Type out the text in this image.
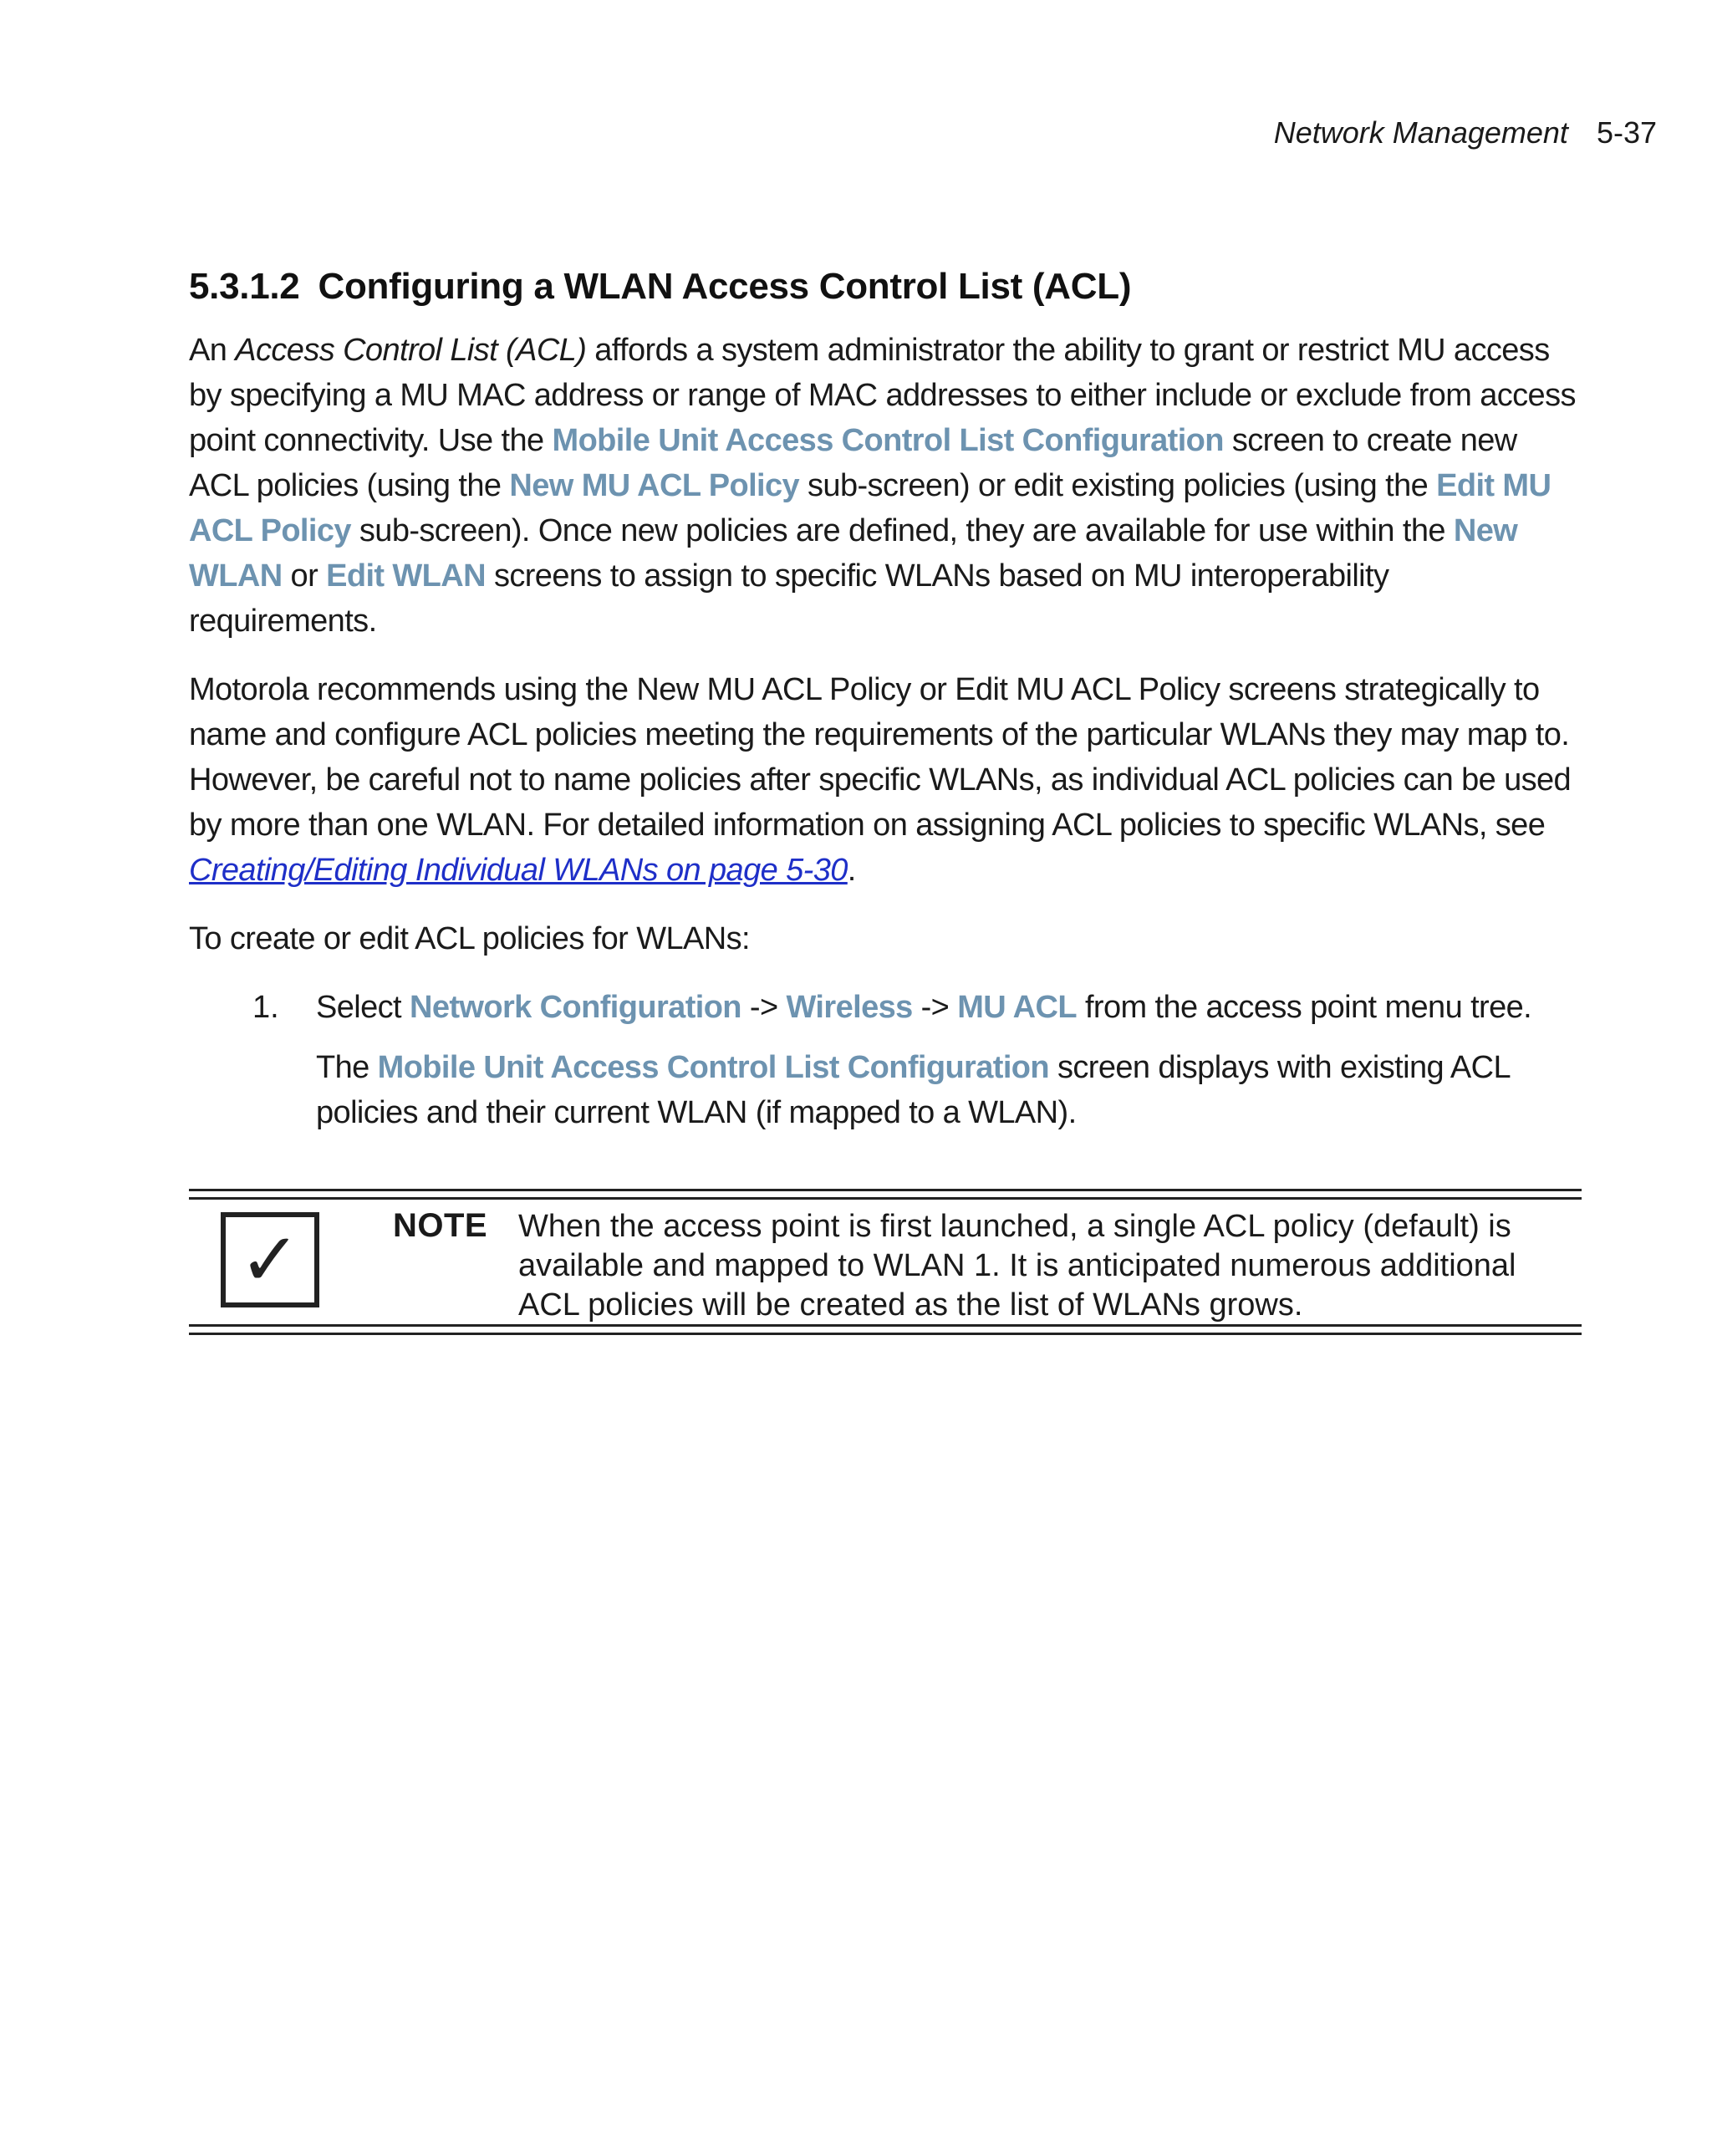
Network Management 5-37
5.3.1.2 Configuring a WLAN Access Control List (ACL)

An Access Control List (ACL) affords a system administrator the ability to grant or restrict MU access by specifying a MU MAC address or range of MAC addresses to either include or exclude from access point connectivity. Use the Mobile Unit Access Control List Configuration screen to create new ACL policies (using the New MU ACL Policy sub-screen) or edit existing policies (using the Edit MU ACL Policy sub-screen). Once new policies are defined, they are available for use within the New WLAN or Edit WLAN screens to assign to specific WLANs based on MU interoperability requirements.

Motorola recommends using the New MU ACL Policy or Edit MU ACL Policy screens strategically to name and configure ACL policies meeting the requirements of the particular WLANs they may map to. However, be careful not to name policies after specific WLANs, as individual ACL policies can be used by more than one WLAN. For detailed information on assigning ACL policies to specific WLANs, see Creating/Editing Individual WLANs on page 5-30.

To create or edit ACL policies for WLANs:

1.	Select Network Configuration -> Wireless -> MU ACL from the access point menu tree.

The Mobile Unit Access Control List Configuration screen displays with existing ACL policies and their current WLAN (if mapped to a WLAN).

✓	NOTE When the access point is first launched, a single ACL policy (default) is available and mapped to WLAN 1. It is anticipated numerous additional ACL policies will be created as the list of WLANs grows.
